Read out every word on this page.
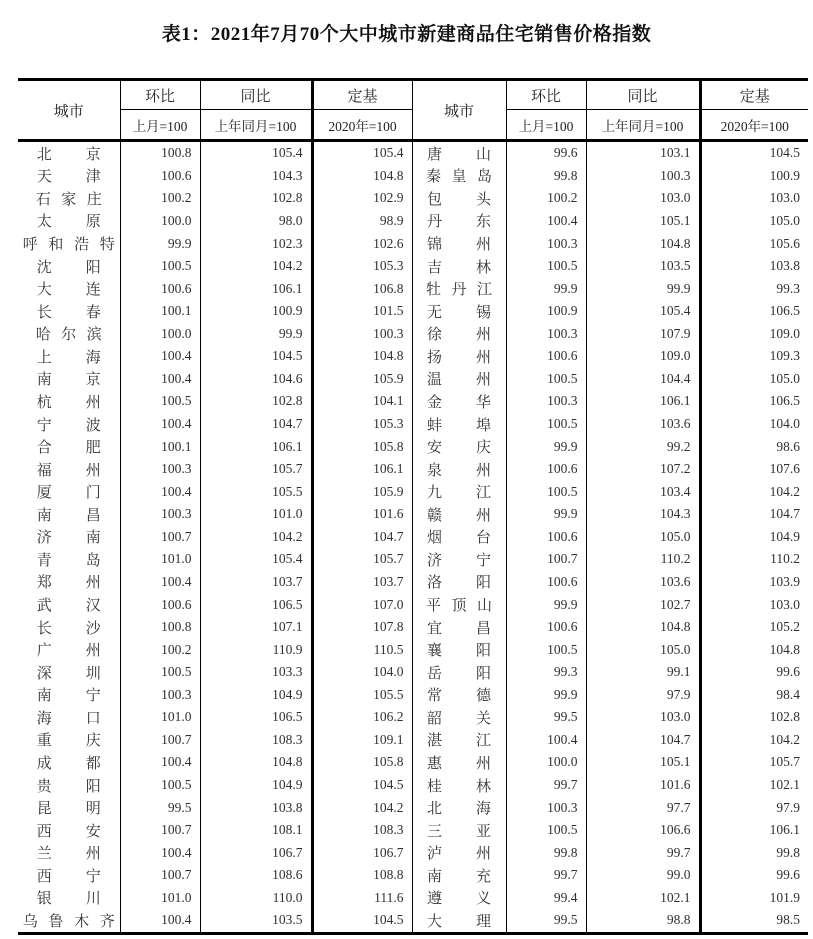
表1：2021年7月70个大中城市新建商品住宅销售价格指数
城市	环比	同比	定基	城市	环比	同比	定基
	上月=100	上年同月=100	2020年=100		上月=100	上年同月=100	2020年=100

北京	100.8	105.4	105.4	唐山	99.6	103.1	104.5

天津	100.6	104.3	104.8	秦皇岛	99.8	100.3	100.9

石家庄	100.2	102.8	102.9	包头	100.2	103.0	103.0

太原	100.0	98.0	98.9	丹东	100.4	105.1	105.0

呼和浩特	99.9	102.3	102.6	锦州	100.3	104.8	105.6

沈阳	100.5	104.2	105.3	吉林	100.5	103.5	103.8

大连	100.6	106.1	106.8	牡丹江	99.9	99.9	99.3

长春	100.1	100.9	101.5	无锡	100.9	105.4	106.5

哈尔滨	100.0	99.9	100.3	徐州	100.3	107.9	109.0

上海	100.4	104.5	104.8	扬州	100.6	109.0	109.3

南京	100.4	104.6	105.9	温州	100.5	104.4	105.0

杭州	100.5	102.8	104.1	金华	100.3	106.1	106.5

宁波	100.4	104.7	105.3	蚌埠	100.5	103.6	104.0

合肥	100.1	106.1	105.8	安庆	99.9	99.2	98.6

福州	100.3	105.7	106.1	泉州	100.6	107.2	107.6

厦门	100.4	105.5	105.9	九江	100.5	103.4	104.2

南昌	100.3	101.0	101.6	赣州	99.9	104.3	104.7

济南	100.7	104.2	104.7	烟台	100.6	105.0	104.9

青岛	101.0	105.4	105.7	济宁	100.7	110.2	110.2

郑州	100.4	103.7	103.7	洛阳	100.6	103.6	103.9

武汉	100.6	106.5	107.0	平顶山	99.9	102.7	103.0

长沙	100.8	107.1	107.8	宜昌	100.6	104.8	105.2

广州	100.2	110.9	110.5	襄阳	100.5	105.0	104.8

深圳	100.5	103.3	104.0	岳阳	99.3	99.1	99.6

南宁	100.3	104.9	105.5	常德	99.9	97.9	98.4

海口	101.0	106.5	106.2	韶关	99.5	103.0	102.8

重庆	100.7	108.3	109.1	湛江	100.4	104.7	104.2

成都	100.4	104.8	105.8	惠州	100.0	105.1	105.7

贵阳	100.5	104.9	104.5	桂林	99.7	101.6	102.1

昆明	99.5	103.8	104.2	北海	100.3	97.7	97.9

西安	100.7	108.1	108.3	三亚	100.5	106.6	106.1

兰州	100.4	106.7	106.7	泸州	99.8	99.7	99.8

西宁	100.7	108.6	108.8	南充	99.7	99.0	99.6

银川	101.0	110.0	111.6	遵义	99.4	102.1	101.9

乌鲁木齐	100.4	103.5	104.5	大理	99.5	98.8	98.5
